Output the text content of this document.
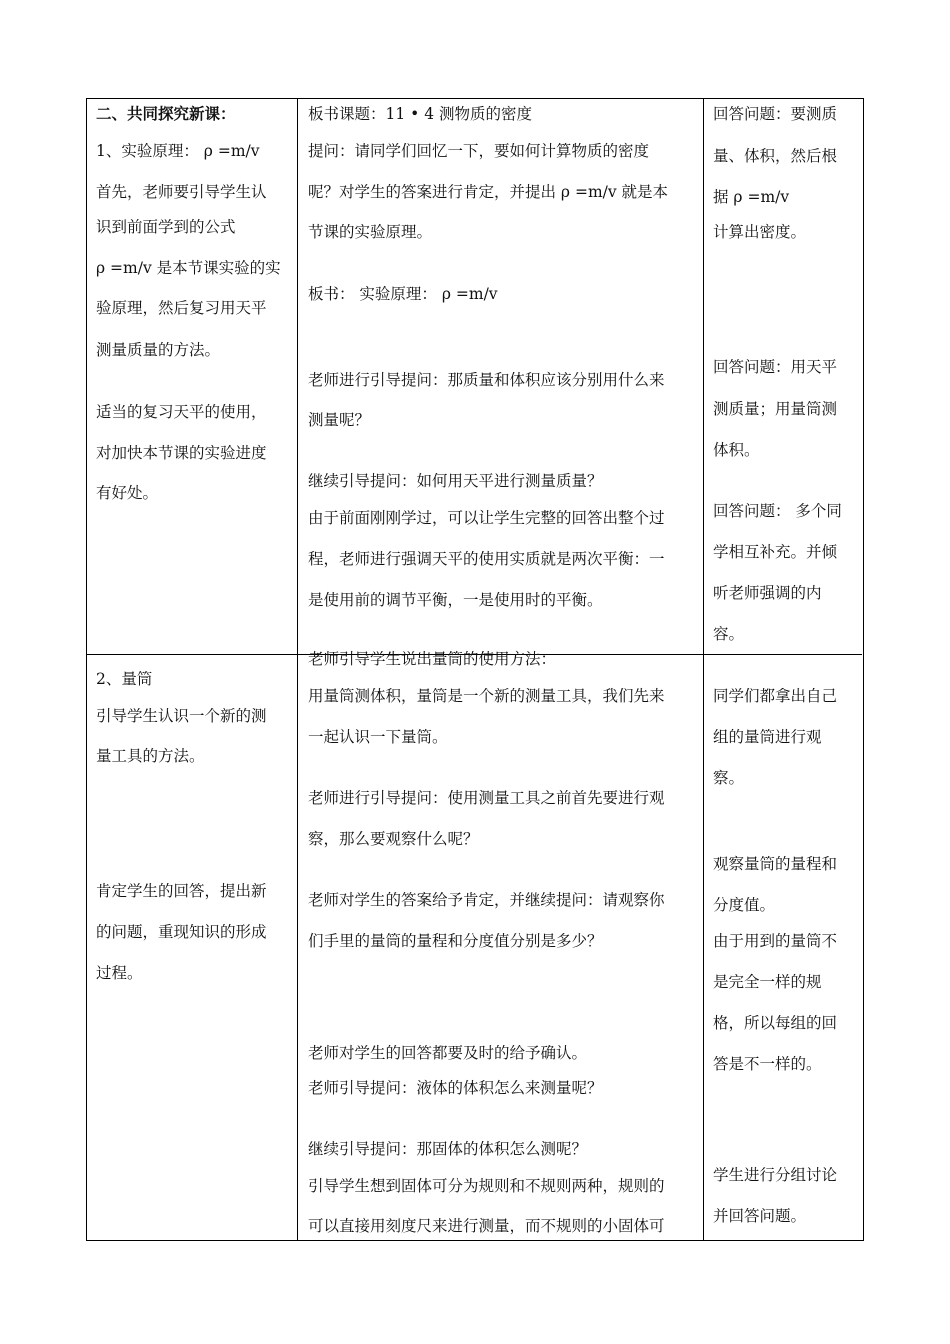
二、共同探究新课：
1、实验原理： ρ =m/v
首先，老师要引导学生认
识到前面学到的公式
ρ =m/v 是本节课实验的实
验原理，然后复习用天平
测量质量的方法。
适当的复习天平的使用，
对加快本节课的实验进度
有好处。
板书课题：11 • 4 测物质的密度
提问：请同学们回忆一下，要如何计算物质的密度
呢？对学生的答案进行肯定，并提出 ρ =m/v 就是本
节课的实验原理。
板书： 实验原理： ρ =m/v
老师进行引导提问：那质量和体积应该分别用什么来
测量呢？
继续引导提问：如何用天平进行测量质量？
由于前面刚刚学过，可以让学生完整的回答出整个过
程，老师进行强调天平的使用实质就是两次平衡：一
是使用前的调节平衡，一是使用时的平衡。
回答问题：要测质
量、体积，然后根
据 ρ =m/v
计算出密度。
回答问题：用天平
测质量；用量筒测
体积。
回答问题： 多个同
学相互补充。并倾
听老师强调的内
容。
2、量筒
引导学生认识一个新的测
量工具的方法。
肯定学生的回答，提出新
的问题，重现知识的形成
过程。
老师引导学生说出量筒的使用方法：
用量筒测体积，量筒是一个新的测量工具，我们先来
一起认识一下量筒。
老师进行引导提问：使用测量工具之前首先要进行观
察，那么要观察什么呢？
老师对学生的答案给予肯定，并继续提问：请观察你
们手里的量筒的量程和分度值分别是多少？
老师对学生的回答都要及时的给予确认。
老师引导提问：液体的体积怎么来测量呢？
继续引导提问：那固体的体积怎么测呢？
引导学生想到固体可分为规则和不规则两种，规则的
可以直接用刻度尺来进行测量，而不规则的小固体可
同学们都拿出自己
组的量筒进行观
察。
观察量筒的量程和
分度值。
由于用到的量筒不
是完全一样的规
格，所以每组的回
答是不一样的。
学生进行分组讨论
并回答问题。
